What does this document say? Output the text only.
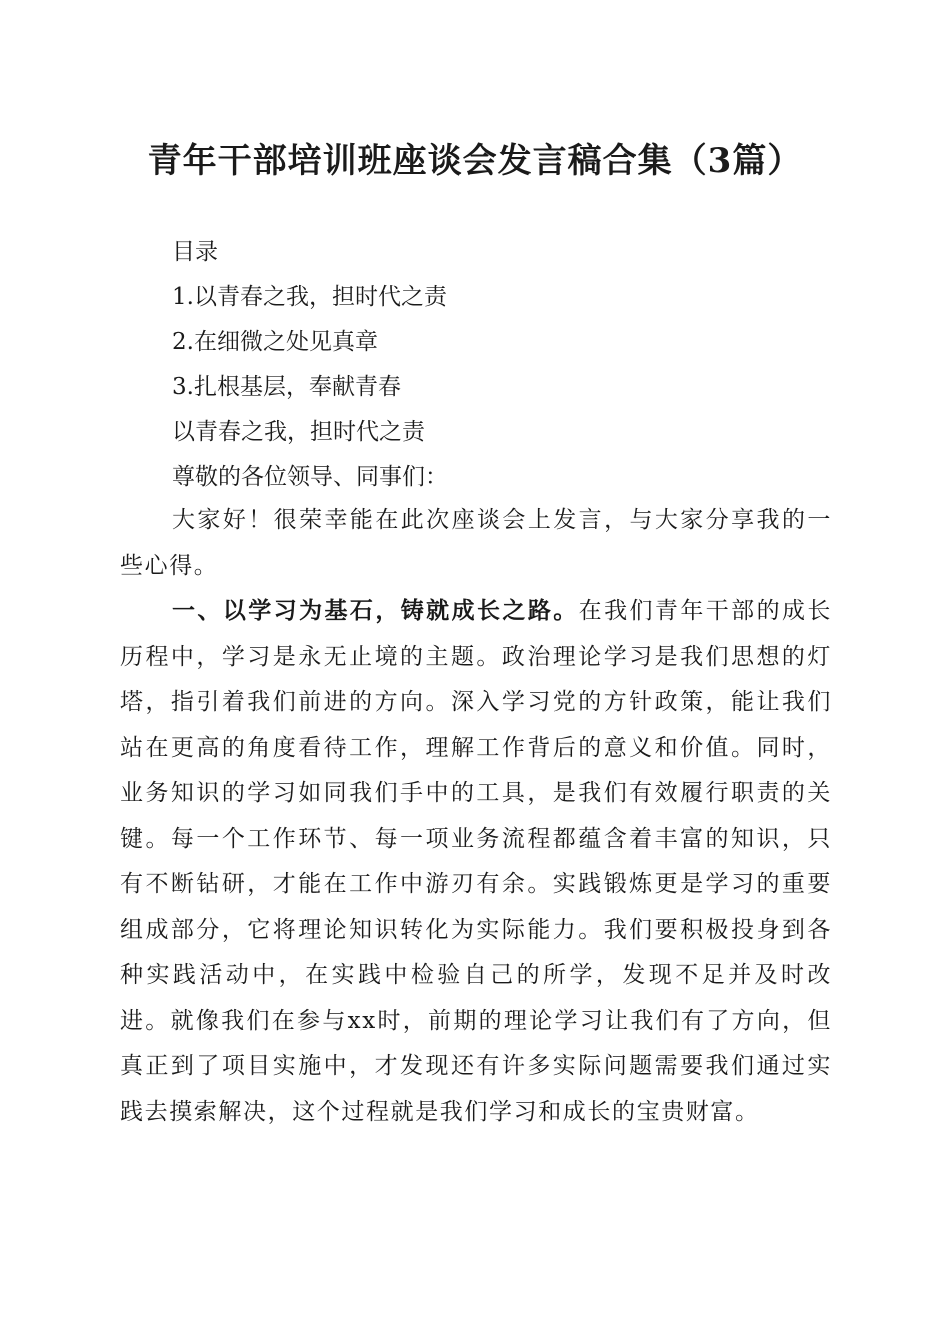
青年干部培训班座谈会发言稿合集（3篇）
目录
1.以青春之我，担时代之责
2.在细微之处见真章
3.扎根基层，奉献青春
以青春之我，担时代之责
尊敬的各位领导、同事们：

大家好！很荣幸能在此次座谈会上发言，与大家分享我的一些心得。

一、以学习为基石，铸就成长之路。在我们青年干部的成长历程中，学习是永无止境的主题。政治理论学习是我们思想的灯塔，指引着我们前进的方向。深入学习党的方针政策，能让我们站在更高的角度看待工作，理解工作背后的意义和价值。同时，业务知识的学习如同我们手中的工具，是我们有效履行职责的关键。每一个工作环节、每一项业务流程都蕴含着丰富的知识，只有不断钻研，才能在工作中游刃有余。实践锻炼更是学习的重要组成部分，它将理论知识转化为实际能力。我们要积极投身到各种实践活动中，在实践中检验自己的所学，发现不足并及时改进。就像我们在参与xx时，前期的理论学习让我们有了方向，但真正到了项目实施中，才发现还有许多实际问题需要我们通过实践去摸索解决，这个过程就是我们学习和成长的宝贵财富。
